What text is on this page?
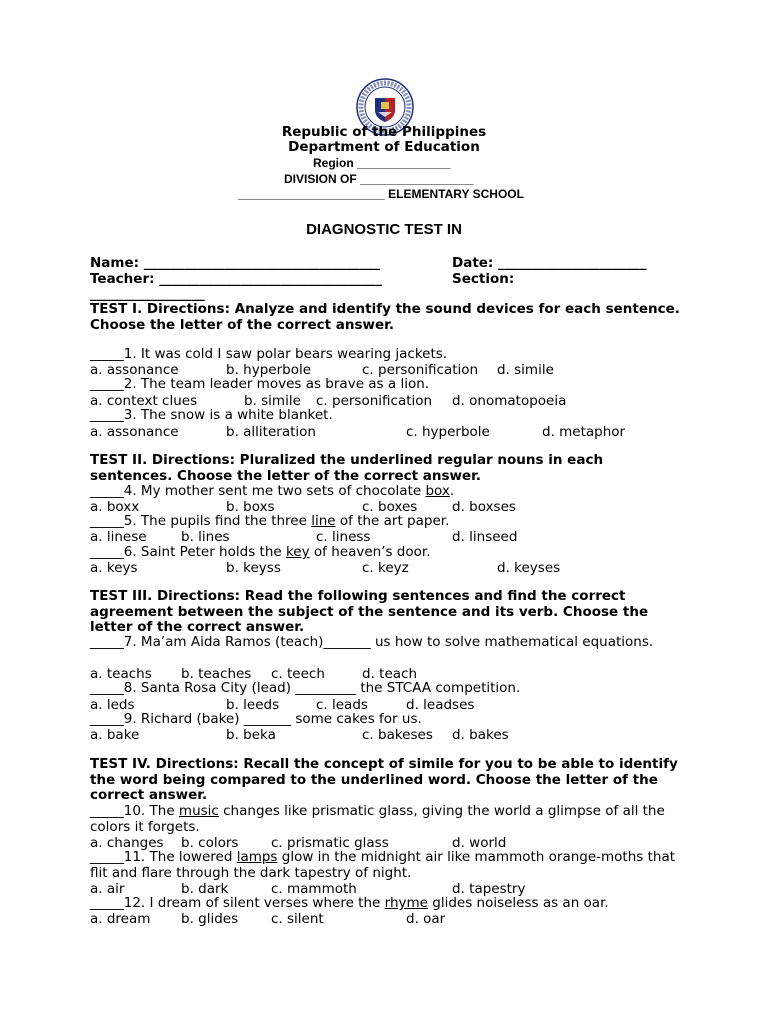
Republic of the Philippines
Department of Education
Region ______________
DIVISION OF _________________
______________________ ELEMENTARY SCHOOL
DIAGNOSTIC TEST IN
Name: ___________________________________	Date: ______________________
Teacher: _________________________________	Section:
_________________
TEST I. Directions: Analyze and identify the sound devices for each sentence. Choose the letter of the correct answer.
_____1. It was cold I saw polar bears wearing jackets.
a. assonance	b. hyperbole	c. personification d. simile
_____2. The team leader moves as brave as a lion.
a. context clues	b. simile c. personification d. onomatopoeia
_____3. The snow is a white blanket.
a. assonance	b. alliteration	c. hyperbole	d. metaphor
TEST II. Directions: Pluralized the underlined regular nouns in each sentences. Choose the letter of the correct answer.
_____4. My mother sent me two sets of chocolate box.
a. boxx	b. boxs	c. boxes	d. boxses
_____5. The pupils find the three line of the art paper.
a. linese	b. lines	c. liness	d. linseed
_____6. Saint Peter holds the key of heaven’s door.
a. keys	b. keyss	c. keyz	d. keyses
TEST III. Directions: Read the following sentences and find the correct agreement between the subject of the sentence and its verb. Choose the letter of the correct answer.
_____7. Ma’am Aida Ramos (teach)_______ us how to solve mathematical equations.
a. teachs b. teaches c. teech	d. teach
_____8. Santa Rosa City (lead) _________ the STCAA competition.
a. leds	b. leeds	c. leads	d. leadses
_____9. Richard (bake) _______ some cakes for us.
a. bake	b. beka	c. bakeses d. bakes
TEST IV. Directions: Recall the concept of simile for you to be able to identify the word being compared to the underlined word. Choose the letter of the correct answer.
_____10. The music changes like prismatic glass, giving the world a glimpse of all the colors it forgets.
a. changes b. colors c. prismatic glass	d. world
_____11. The lowered lamps glow in the midnight air like mammoth orange-moths that flit and flare through the dark tapestry of night.
a. air	b. dark	c. mammoth	d. tapestry
_____12. I dream of silent verses where the rhyme glides noiseless as an oar.
a. dream b. glides c. silent	d. oar
